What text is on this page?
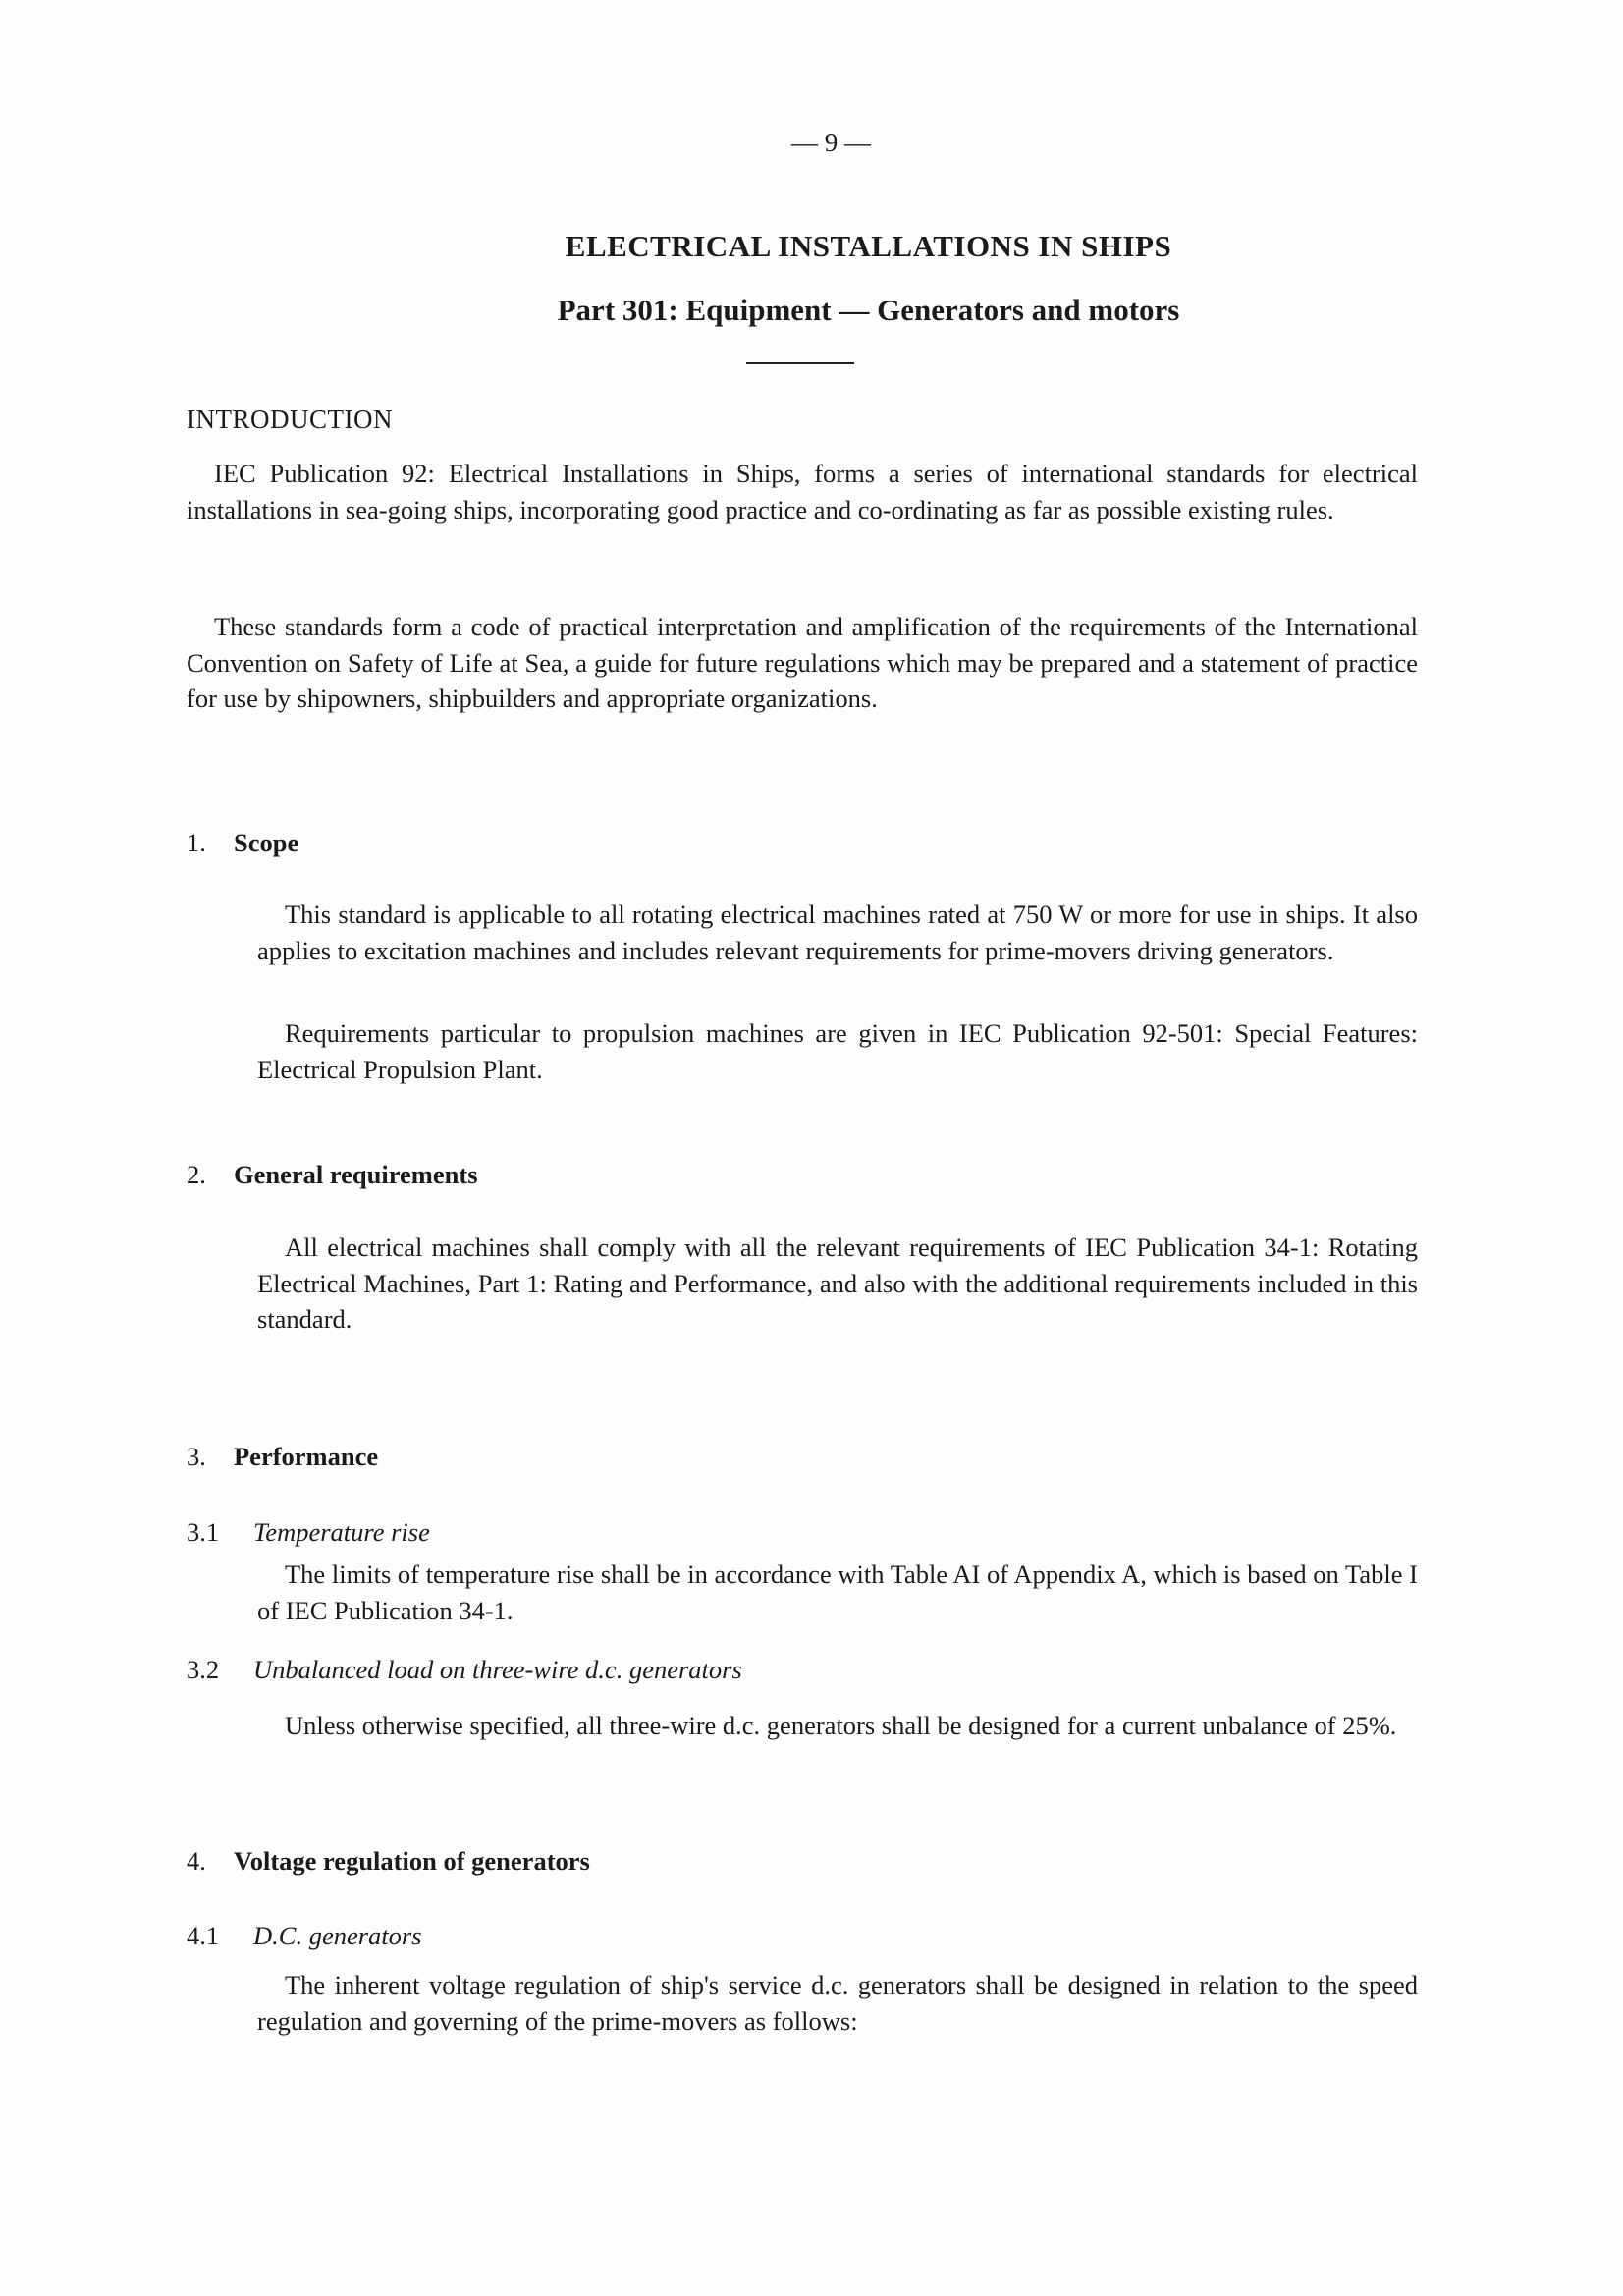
— 9 —
ELECTRICAL INSTALLATIONS IN SHIPS
Part 301: Equipment — Generators and motors
INTRODUCTION
IEC Publication 92: Electrical Installations in Ships, forms a series of international standards for electrical installations in sea-going ships, incorporating good practice and co-ordinating as far as possible existing rules.
These standards form a code of practical interpretation and amplification of the requirements of the International Convention on Safety of Life at Sea, a guide for future regulations which may be prepared and a statement of practice for use by shipowners, shipbuilders and appropriate organizations.
1. Scope
This standard is applicable to all rotating electrical machines rated at 750 W or more for use in ships. It also applies to excitation machines and includes relevant requirements for prime-movers driving generators.
Requirements particular to propulsion machines are given in IEC Publication 92-501: Special Features: Electrical Propulsion Plant.
2. General requirements
All electrical machines shall comply with all the relevant requirements of IEC Publication 34-1: Rotating Electrical Machines, Part 1: Rating and Performance, and also with the additional requirements included in this standard.
3. Performance
3.1 Temperature rise
The limits of temperature rise shall be in accordance with Table AI of Appendix A, which is based on Table I of IEC Publication 34-1.
3.2 Unbalanced load on three-wire d.c. generators
Unless otherwise specified, all three-wire d.c. generators shall be designed for a current unbalance of 25%.
4. Voltage regulation of generators
4.1 D.C. generators
The inherent voltage regulation of ship's service d.c. generators shall be designed in relation to the speed regulation and governing of the prime-movers as follows:
